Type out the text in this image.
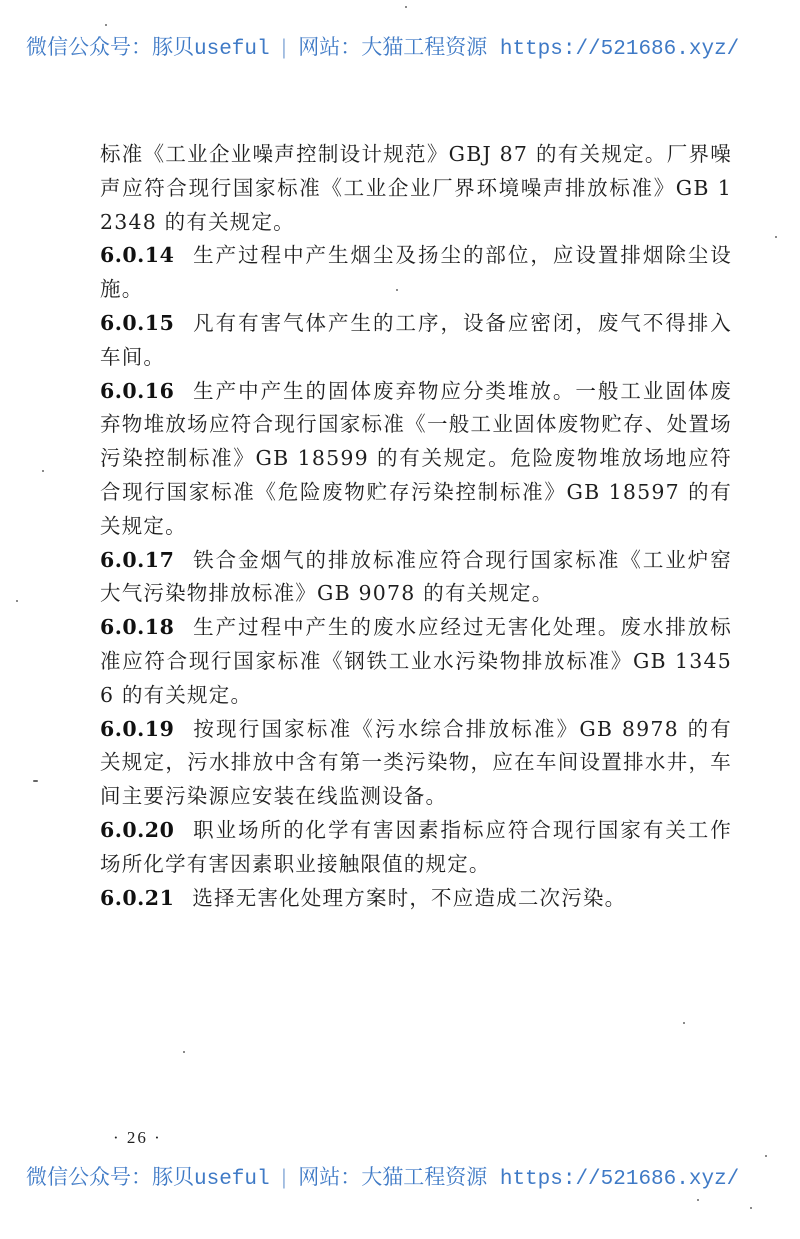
微信公众号：豚贝useful | 网站：大猫工程资源 https://521686.xyz/

标准《工业企业噪声控制设计规范》GBJ 87 的有关规定。厂界噪声应符合现行国家标准《工业企业厂界环境噪声排放标准》GB 12348 的有关规定。

6.0.14 生产过程中产生烟尘及扬尘的部位，应设置排烟除尘设施。

6.0.15 凡有有害气体产生的工序，设备应密闭，废气不得排入车间。

6.0.16 生产中产生的固体废弃物应分类堆放。一般工业固体废弃物堆放场应符合现行国家标准《一般工业固体废物贮存、处置场污染控制标准》GB 18599 的有关规定。危险废物堆放场地应符合现行国家标准《危险废物贮存污染控制标准》GB 18597 的有关规定。

6.0.17 铁合金烟气的排放标准应符合现行国家标准《工业炉窑大气污染物排放标准》GB 9078 的有关规定。

6.0.18 生产过程中产生的废水应经过无害化处理。废水排放标准应符合现行国家标准《钢铁工业水污染物排放标准》GB 13456 的有关规定。

6.0.19 按现行国家标准《污水综合排放标准》GB 8978 的有关规定，污水排放中含有第一类污染物，应在车间设置排水井，车间主要污染源应安装在线监测设备。

6.0.20 职业场所的化学有害因素指标应符合现行国家有关工作场所化学有害因素职业接触限值的规定。

6.0.21 选择无害化处理方案时，不应造成二次污染。

· 26 ·
微信公众号：豚贝useful | 网站：大猫工程资源 https://521686.xyz/
